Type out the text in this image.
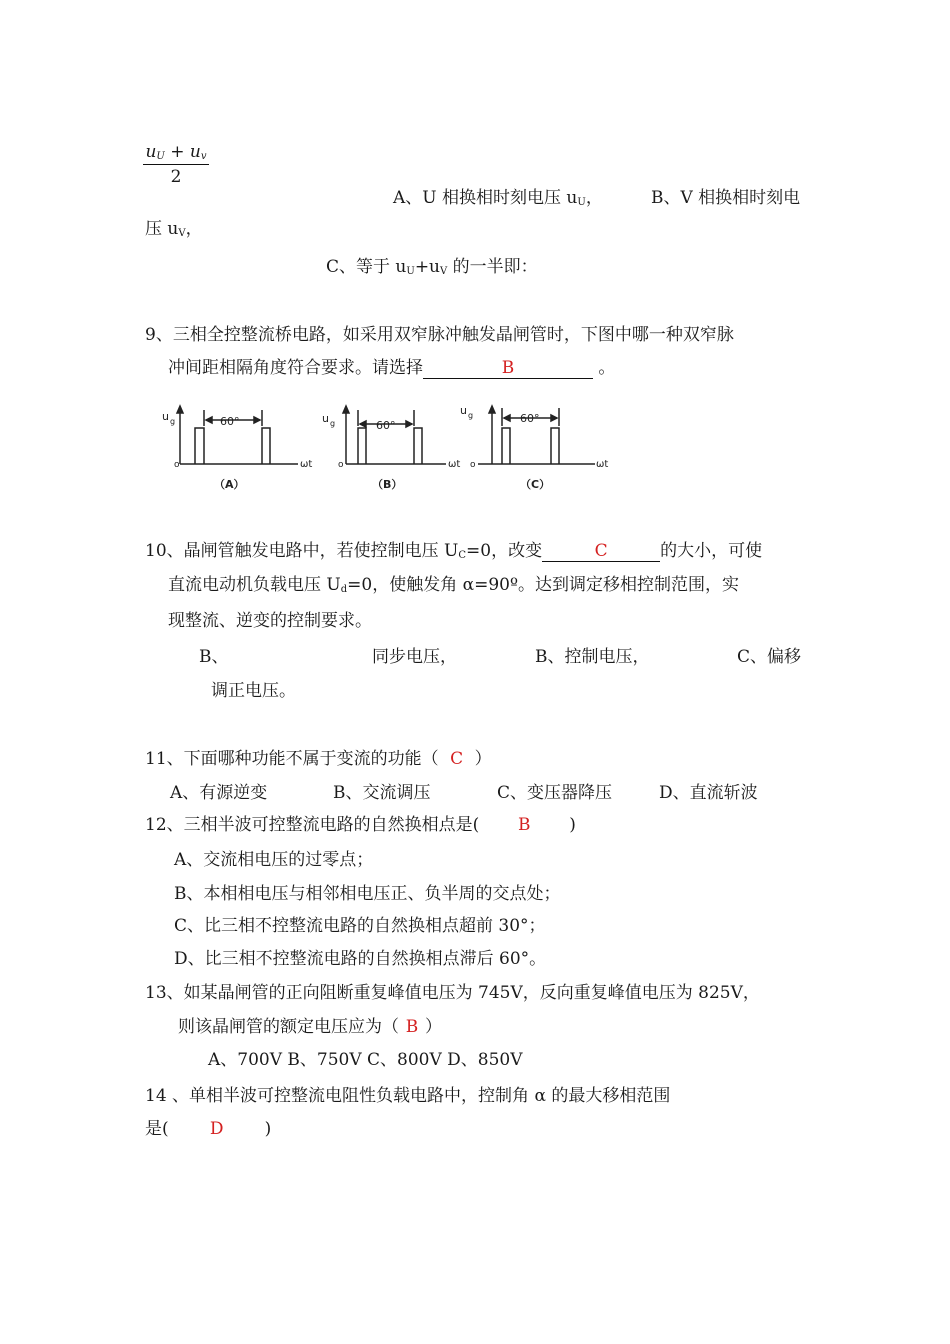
$\frac{u_U + u_v}{2}$
A、U 相换相时刻电压 $u_U$，	B、V 相换相时刻电
压 $u_V$，
C、等于 $u_U+u_V$ 的一半即：
9、三相全控整流桥电路，如采用双窄脉冲触发晶闸管时，下图中哪一种双窄脉
冲间距相隔角度符合要求。请选择	B	。
u g	60°
o	ωt
（A）
u g	60°
o	ωt
（B）
u g	60°
o	ωt
（C）
10、晶闸管触发电路中，若使控制电压 $U_C=0$，改变	C	的大小，可使
直流电动机负载电压 $U_d=0$，使触发角 α=90º。达到调定移相控制范围，实
现整流、逆变的控制要求。
B、	同步电压，	B、控制电压，	C、偏移
调正电压。
11、下面哪种功能不属于变流的功能（ C ）
A、有源逆变	B、交流调压	C、变压器降压	D、直流斩波
12、三相半波可控整流电路的自然换相点是( B )
A、交流相电压的过零点；
B、本相相电压与相邻相电压正、负半周的交点处；
C、比三相不控整流电路的自然换相点超前 30°；
D、比三相不控整流电路的自然换相点滞后 60°。
13、如某晶闸管的正向阻断重复峰值电压为 745V，反向重复峰值电压为 825V，
则该晶闸管的额定电压应为（ B ）
A、700V B、750V C、800V D、850V
14 、单相半波可控整流电阻性负载电路中，控制角 α 的最大移相范围
是( D )
